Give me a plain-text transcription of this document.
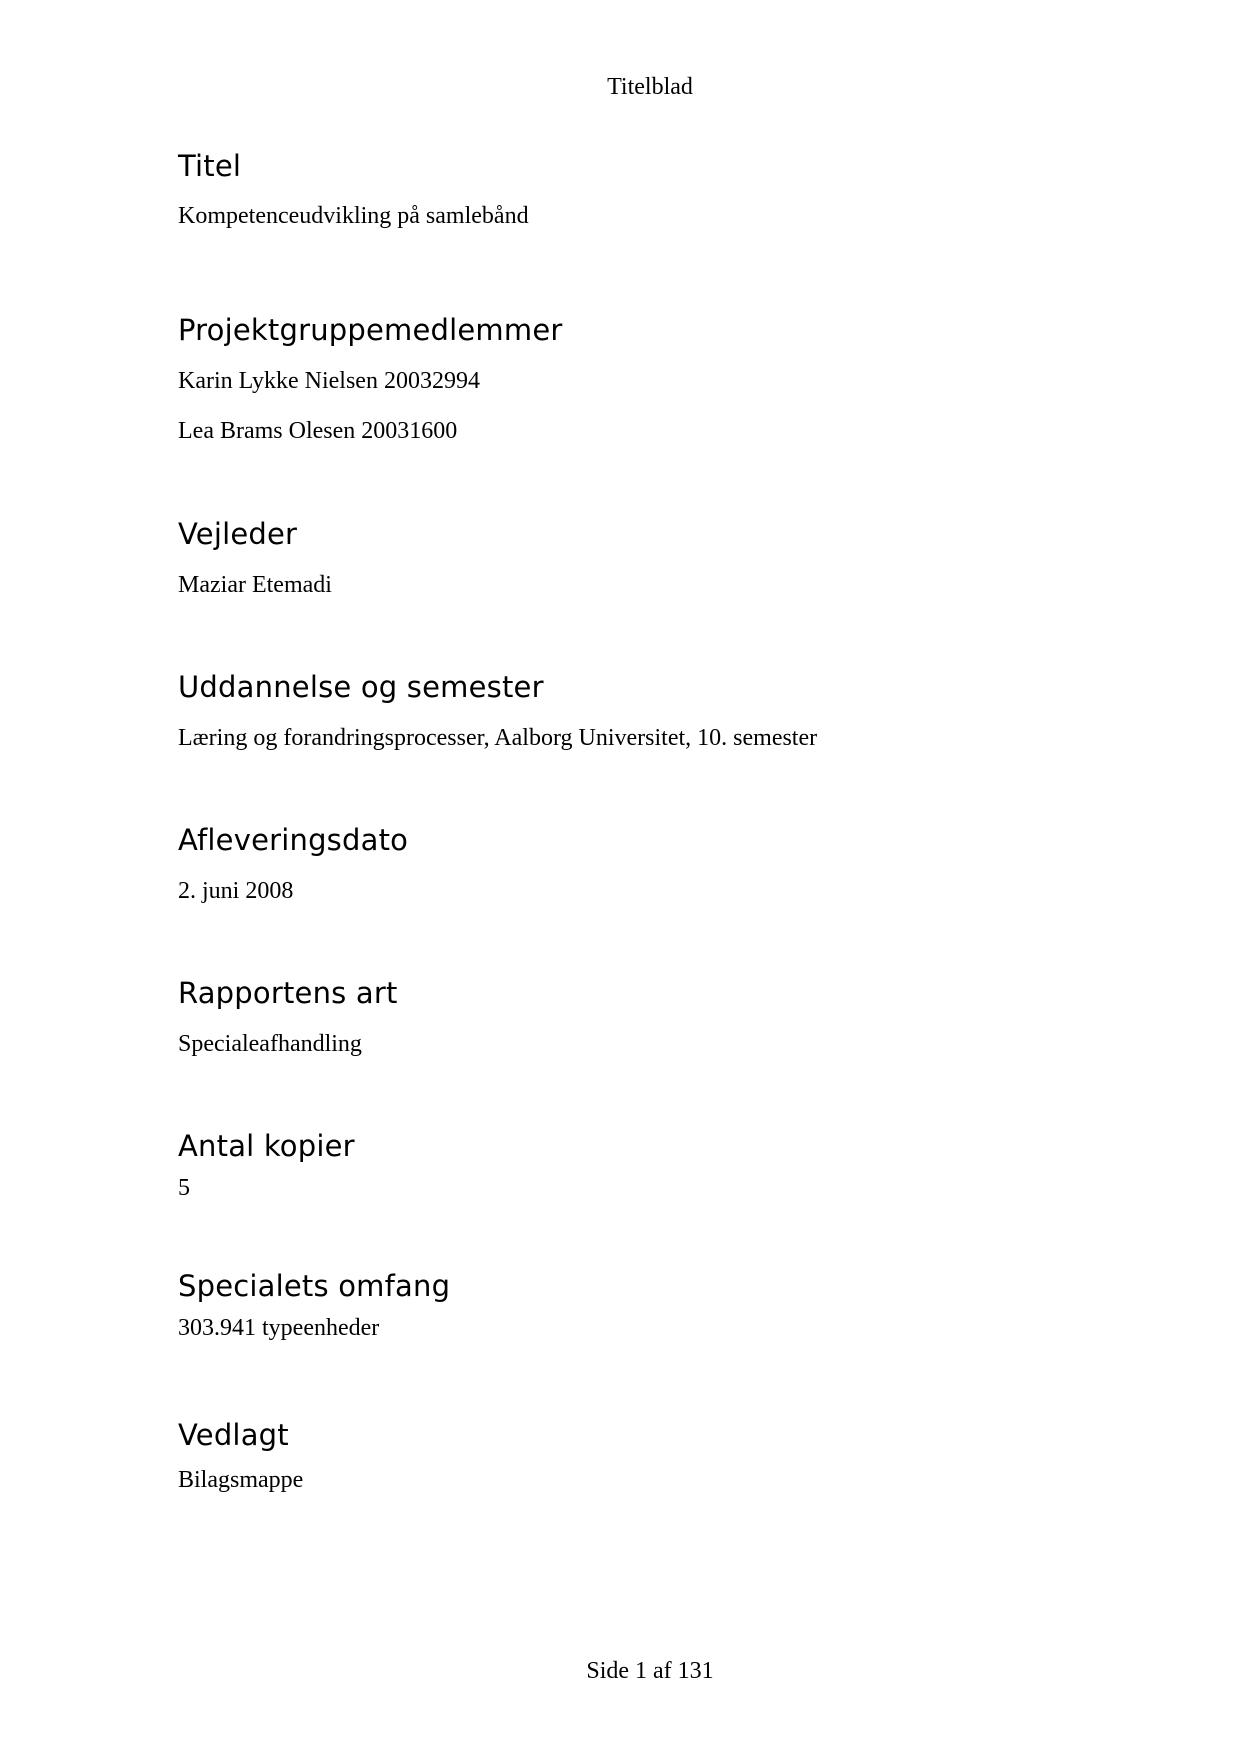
Titelblad
Titel

Kompetenceudvikling på samlebånd

Projektgruppemedlemmer

Karin Lykke Nielsen 20032994

Lea Brams Olesen 20031600

Vejleder

Maziar Etemadi

Uddannelse og semester

Læring og forandringsprocesser, Aalborg Universitet, 10. semester

Afleveringsdato

2. juni 2008

Rapportens art

Specialeafhandling

Antal kopier

5

Specialets omfang

303.941 typeenheder

Vedlagt

Bilagsmappe

Side 1 af 131
